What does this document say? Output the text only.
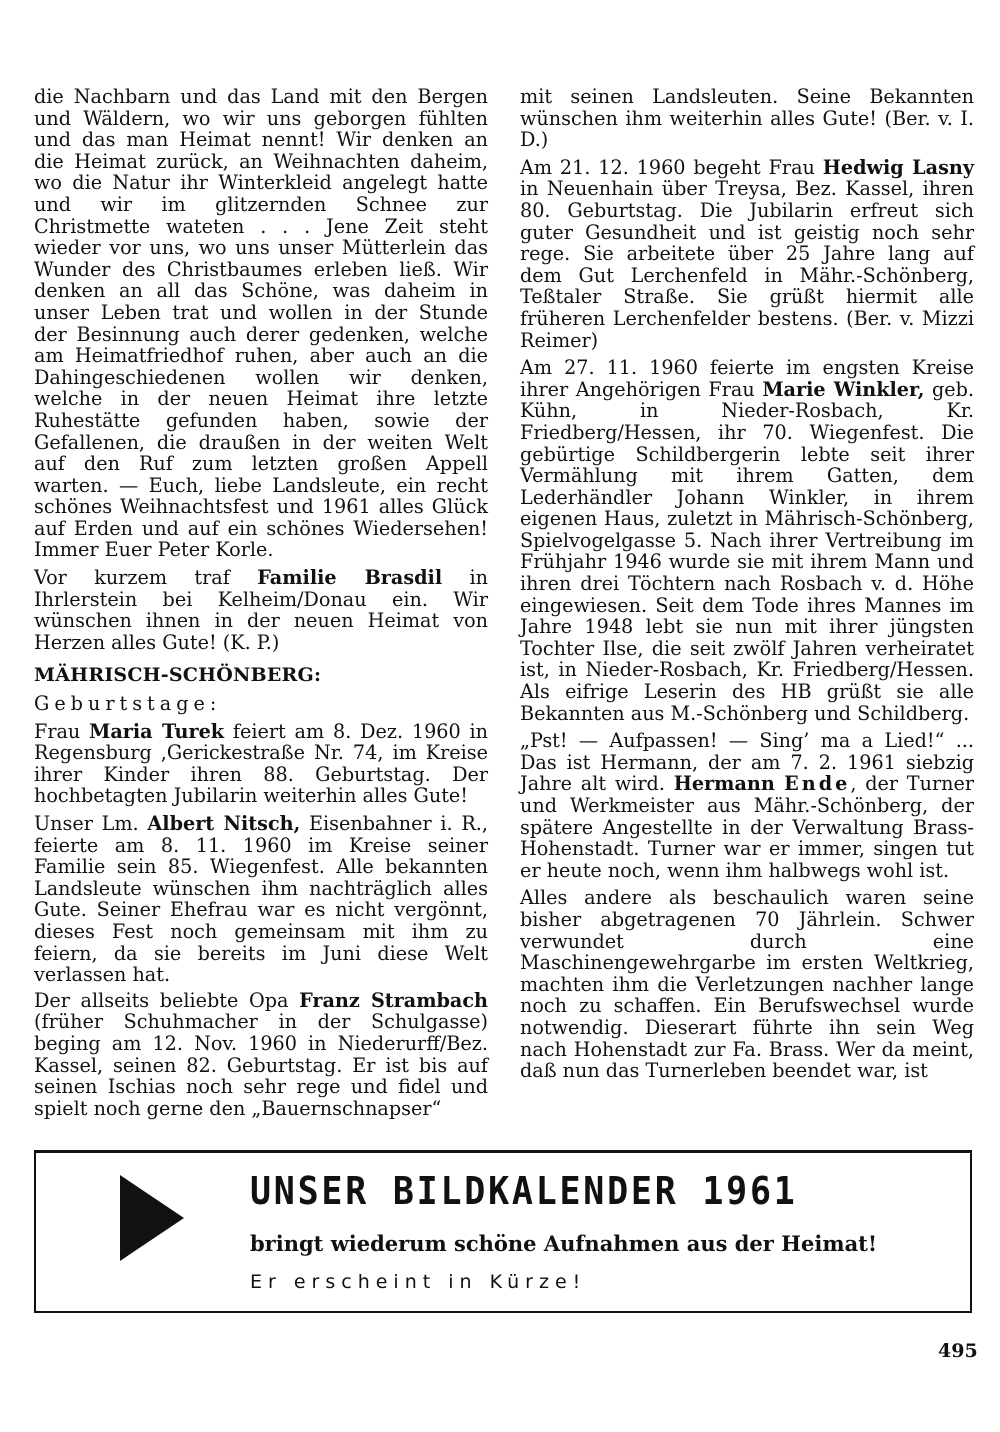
die Nachbarn und das Land mit den Bergen und Wäldern, wo wir uns geborgen fühlten und das man Heimat nennt! Wir denken an die Heimat zurück, an Weihnachten daheim, wo die Natur ihr Winterkleid angelegt hatte und wir im glitzernden Schnee zur Christmette wateten . . . Jene Zeit steht wieder vor uns, wo uns unser Mütterlein das Wunder des Christbaumes erleben ließ. Wir denken an all das Schöne, was daheim in unser Leben trat und wollen in der Stunde der Besinnung auch derer gedenken, welche am Heimatfriedhof ruhen, aber auch an die Dahingeschiedenen wollen wir denken, welche in der neuen Heimat ihre letzte Ruhestätte gefunden haben, sowie der Gefallenen, die draußen in der weiten Welt auf den Ruf zum letzten großen Appell warten. — Euch, liebe Landsleute, ein recht schönes Weihnachtsfest und 1961 alles Glück auf Erden und auf ein schönes Wiedersehen! Immer Euer Peter Korle.

Vor kurzem traf Familie Brasdil in Ihrlerstein bei Kelheim/Donau ein. Wir wünschen ihnen in der neuen Heimat von Herzen alles Gute! (K. P.)

MÄHRISCH-SCHÖNBERG:
Geburtstage:

Frau Maria Turek feiert am 8. Dez. 1960 in Regensburg ,Gerickestraße Nr. 74, im Kreise ihrer Kinder ihren 88. Geburtstag. Der hochbetagten Jubilarin weiterhin alles Gute!

Unser Lm. Albert Nitsch, Eisenbahner i. R., feierte am 8. 11. 1960 im Kreise seiner Familie sein 85. Wiegenfest. Alle bekannten Landsleute wünschen ihm nachträglich alles Gute. Seiner Ehefrau war es nicht vergönnt, dieses Fest noch gemeinsam mit ihm zu feiern, da sie bereits im Juni diese Welt verlassen hat.

Der allseits beliebte Opa Franz Strambach (früher Schuhmacher in der Schulgasse) beging am 12. Nov. 1960 in Niederurff/Bez. Kassel, seinen 82. Geburtstag. Er ist bis auf seinen Ischias noch sehr rege und fidel und spielt noch gerne den „Bauernschnapser“

mit seinen Landsleuten. Seine Bekannten wünschen ihm weiterhin alles Gute! (Ber. v. I. D.)

Am 21. 12. 1960 begeht Frau Hedwig Lasny in Neuenhain über Treysa, Bez. Kassel, ihren 80. Geburtstag. Die Jubilarin erfreut sich guter Gesundheit und ist geistig noch sehr rege. Sie arbeitete über 25 Jahre lang auf dem Gut Lerchenfeld in Mähr.-Schönberg, Teßtaler Straße. Sie grüßt hiermit alle früheren Lerchenfelder bestens. (Ber. v. Mizzi Reimer)

Am 27. 11. 1960 feierte im engsten Kreise ihrer Angehörigen Frau Marie Winkler, geb. Kühn, in Nieder-Rosbach, Kr. Friedberg/Hessen, ihr 70. Wiegenfest. Die gebürtige Schildbergerin lebte seit ihrer Vermählung mit ihrem Gatten, dem Lederhändler Johann Winkler, in ihrem eigenen Haus, zuletzt in Mährisch-Schönberg, Spielvogelgasse 5. Nach ihrer Vertreibung im Frühjahr 1946 wurde sie mit ihrem Mann und ihren drei Töchtern nach Rosbach v. d. Höhe eingewiesen. Seit dem Tode ihres Mannes im Jahre 1948 lebt sie nun mit ihrer jüngsten Tochter Ilse, die seit zwölf Jahren verheiratet ist, in Nieder-Rosbach, Kr. Friedberg/Hessen. Als eifrige Leserin des HB grüßt sie alle Bekannten aus M.-Schönberg und Schildberg.

„Pst! — Aufpassen! — Sing’ ma a Lied!“ ... Das ist Hermann, der am 7. 2. 1961 siebzig Jahre alt wird. Hermann Ende, der Turner und Werkmeister aus Mähr.-Schönberg, der spätere Angestellte in der Verwaltung Brass-Hohenstadt. Turner war er immer, singen tut er heute noch, wenn ihm halbwegs wohl ist.

Alles andere als beschaulich waren seine bisher abgetragenen 70 Jährlein. Schwer verwundet durch eine Maschinengewehrgarbe im ersten Weltkrieg, machten ihm die Verletzungen nachher lange noch zu schaffen. Ein Berufswechsel wurde notwendig. Dieserart führte ihn sein Weg nach Hohenstadt zur Fa. Brass. Wer da meint, daß nun das Turnerleben beendet war, ist

UNSER BILDKALENDER 1961
bringt wiederum schöne Aufnahmen aus der Heimat!
Er erscheint in Kürze!
495
